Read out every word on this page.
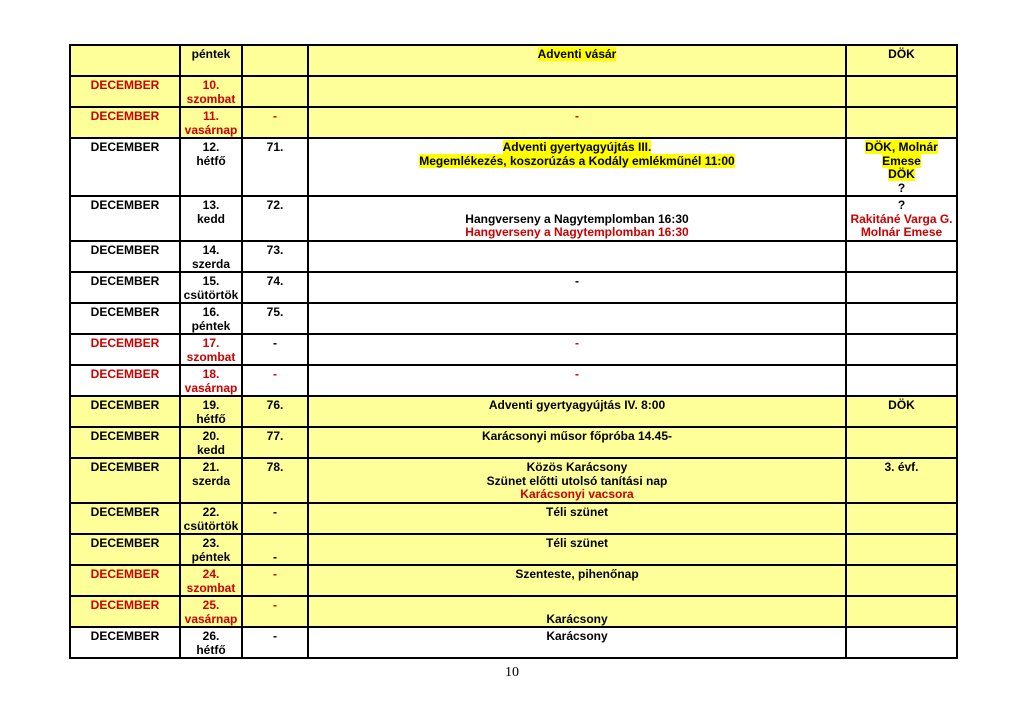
	péntek		Adventi vásár	DÖK

DECEMBER	10.
szombat			

DECEMBER	11.
vasárnap	-	-	

DECEMBER	12.
hétfő	71.	Adventi gyertyagyújtás III.
Megemlékezés, koszorúzás a Kodály emlékműnél 11:00	DÖK, Molnár
Emese
DÖK
?

DECEMBER	13.
kedd	72.	Hangverseny a Nagytemplomban 16:30
Hangverseny a Nagytemplomban 16:30	?
Rakitáné Varga G.
Molnár Emese

DECEMBER	14.
szerda	73.		

DECEMBER	15.
csütörtök	74.	-	

DECEMBER	16.
péntek	75.		

DECEMBER	17.
szombat	-	-	

DECEMBER	18.
vasárnap	-	-	

DECEMBER	19.
hétfő	76.	Adventi gyertyagyújtás IV. 8:00	DÖK

DECEMBER	20.
kedd	77.	Karácsonyi műsor főpróba 14.45-	

DECEMBER	21.
szerda	78.	Közös Karácsony
Szünet előtti utolsó tanítási nap
Karácsonyi vacsora	3. évf.

DECEMBER	22.
csütörtök	-	Téli szünet	

DECEMBER	23.
péntek	-	Téli szünet	

DECEMBER	24.
szombat	-	Szenteste, pihenőnap	

DECEMBER	25.
vasárnap	-	Karácsony	

DECEMBER	26.
hétfő	-	Karácsony	

10
